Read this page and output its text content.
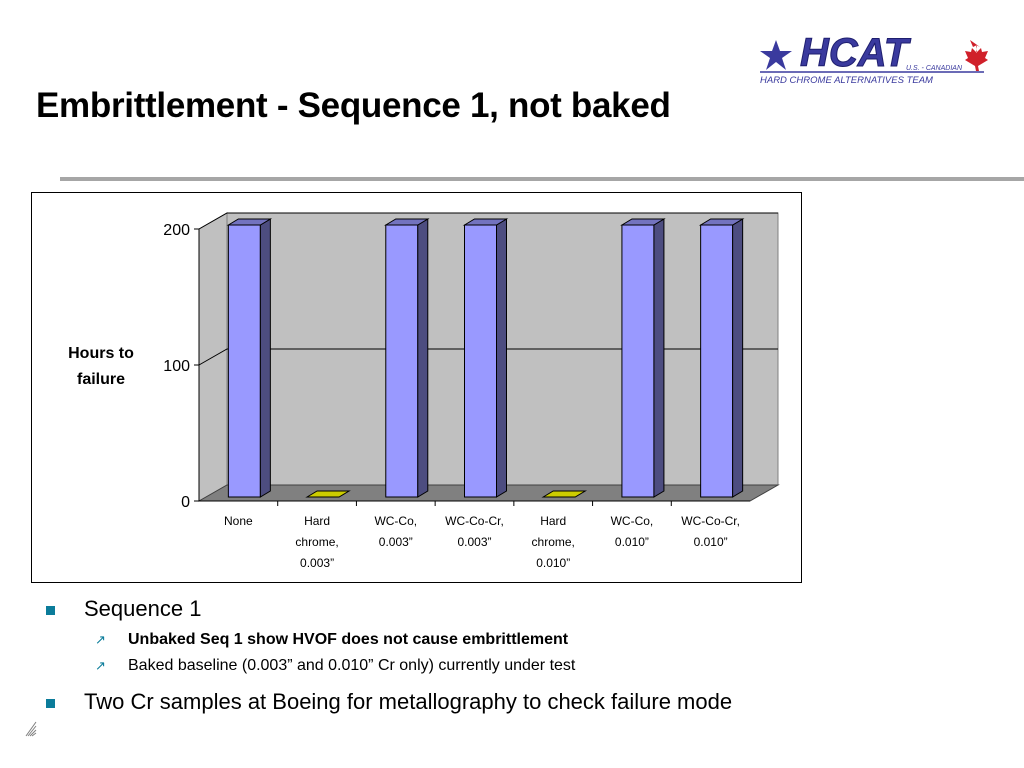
HCAT
U.S. - CANADIAN
HARD CHROME ALTERNATIVES TEAM
Embrittlement - Sequence 1, not baked
0
100
200
None	Hard
chrome,
0.003”
WC-Co,
0.003”
WC-Co-Cr,
0.003”
Hard
chrome,
0.010”
WC-Co,
0.010”
WC-Co-Cr,
0.010”
Hours to
failure
Sequence 1
↗ Unbaked Seq 1 show HVOF does not cause embrittlement
↗ Baked baseline (0.003” and 0.010” Cr only) currently under test
Two Cr samples at Boeing for metallography to check failure mode
